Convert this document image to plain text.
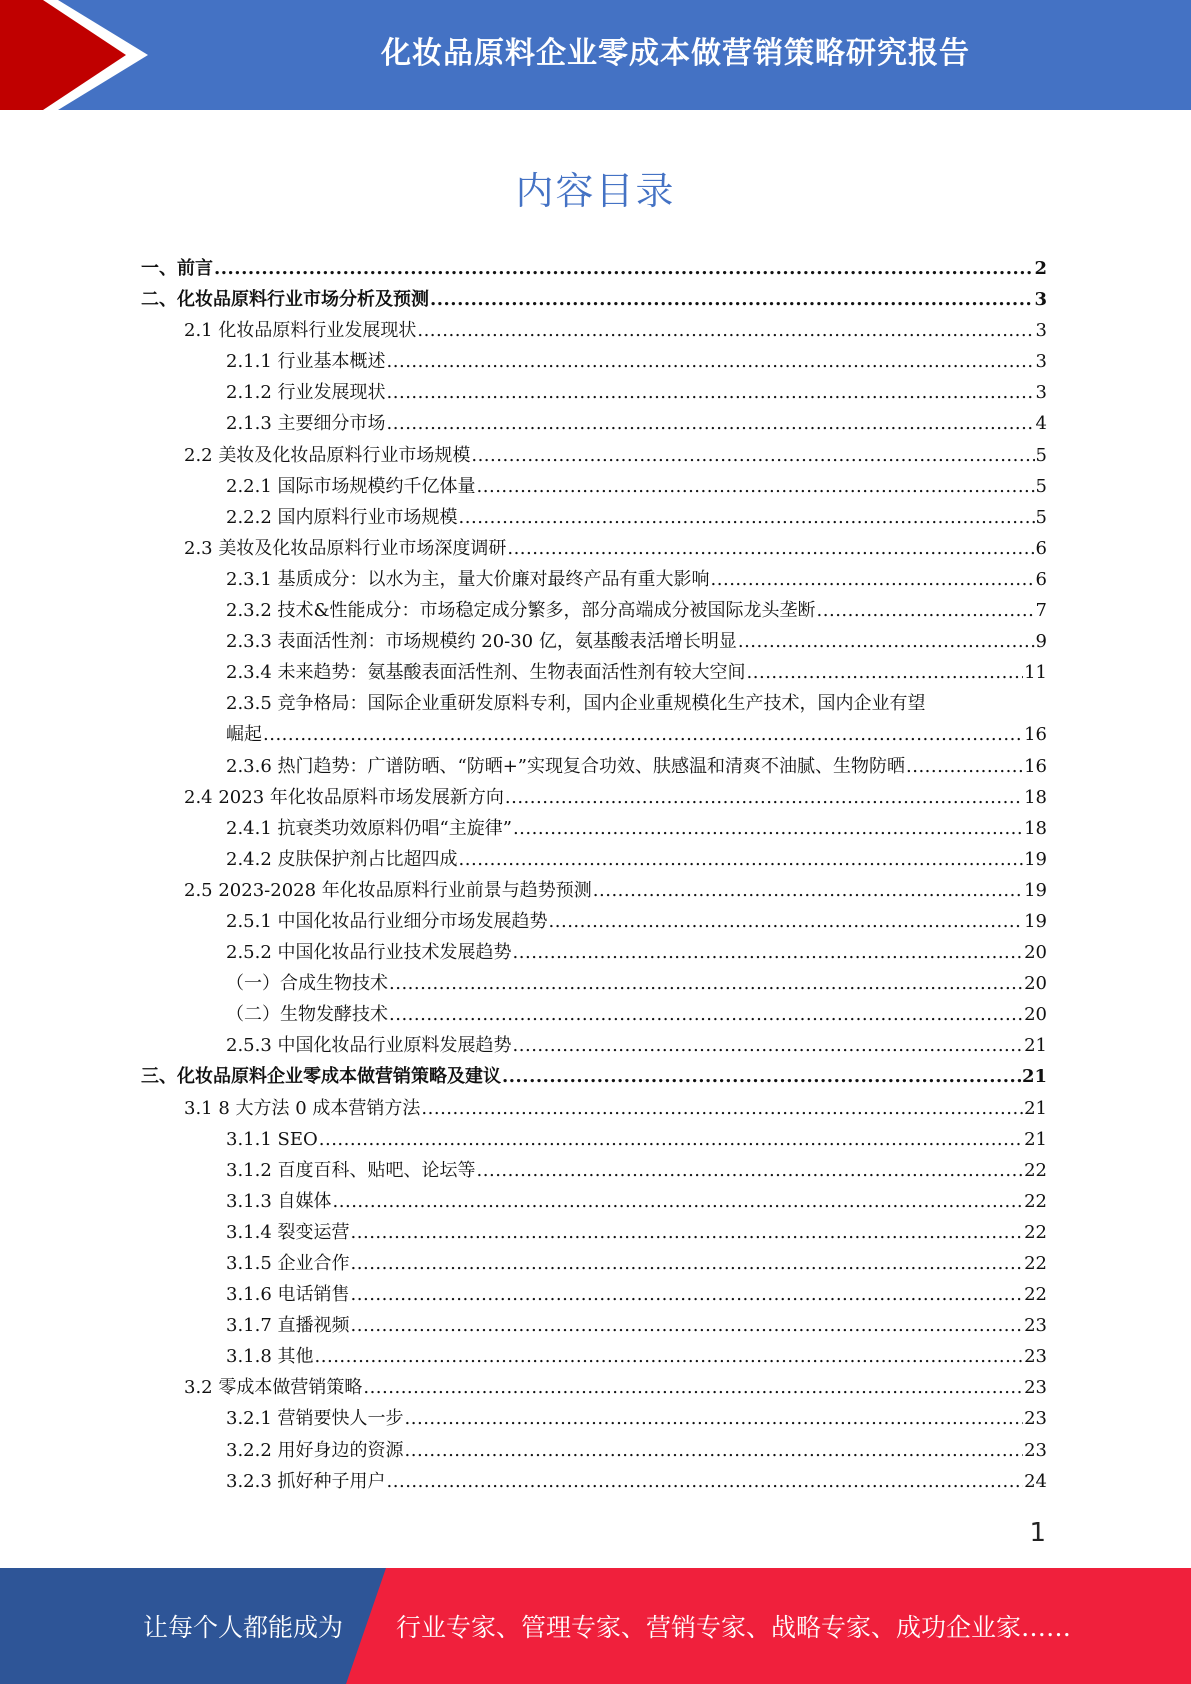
化妆品原料企业零成本做营销策略研究报告
内容目录
一、前言 .....	2
二、化妆品原料行业市场分析及预测 .....	3
2.1 化妆品原料行业发展现状 .....	3
2.1.1 行业基本概述 .....	3
2.1.2 行业发展现状 .....	3
2.1.3 主要细分市场 .....	4
2.2 美妆及化妆品原料行业市场规模 .....	5
2.2.1 国际市场规模约千亿体量 .....	5
2.2.2 国内原料行业市场规模 .....	5
2.3 美妆及化妆品原料行业市场深度调研 .....	6
2.3.1 基质成分：以水为主，量大价廉对最终产品有重大影响 .....	6
2.3.2 技术&性能成分：市场稳定成分繁多，部分高端成分被国际龙头垄断 .....	7
2.3.3 表面活性剂：市场规模约 20-30 亿，氨基酸表活增长明显 .....	9
2.3.4 未来趋势：氨基酸表面活性剂、生物表面活性剂有较大空间 .....	11
2.3.5 竞争格局：国际企业重研发原料专利，国内企业重规模化生产技术，国内企业有望
崛起 .....	16
2.3.6 热门趋势：广谱防晒、“防晒+”实现复合功效、肤感温和清爽不油腻、生物防晒 .....	16
2.4 2023 年化妆品原料市场发展新方向 .....	18
2.4.1 抗衰类功效原料仍唱“主旋律” .....	18
2.4.2 皮肤保护剂占比超四成 .....	19
2.5 2023-2028 年化妆品原料行业前景与趋势预测 .....	19
2.5.1 中国化妆品行业细分市场发展趋势 .....	19
2.5.2 中国化妆品行业技术发展趋势 .....	20
（一）合成生物技术 .....	20
（二）生物发酵技术 .....	20
2.5.3 中国化妆品行业原料发展趋势 .....	21
三、化妆品原料企业零成本做营销策略及建议 .....	21
3.1 8 大方法 0 成本营销方法 .....	21
3.1.1 SEO .....	21
3.1.2 百度百科、贴吧、论坛等 .....	22
3.1.3 自媒体 .....	22
3.1.4 裂变运营 .....	22
3.1.5 企业合作 .....	22
3.1.6 电话销售 .....	22
3.1.7 直播视频 .....	23
3.1.8 其他 .....	23
3.2 零成本做营销策略 .....	23
3.2.1 营销要快人一步 .....	23
3.2.2 用好身边的资源 .....	23
3.2.3 抓好种子用户 .....	24
1
让每个人都能成为 行业专家、管理专家、营销专家、战略专家、成功企业家……
